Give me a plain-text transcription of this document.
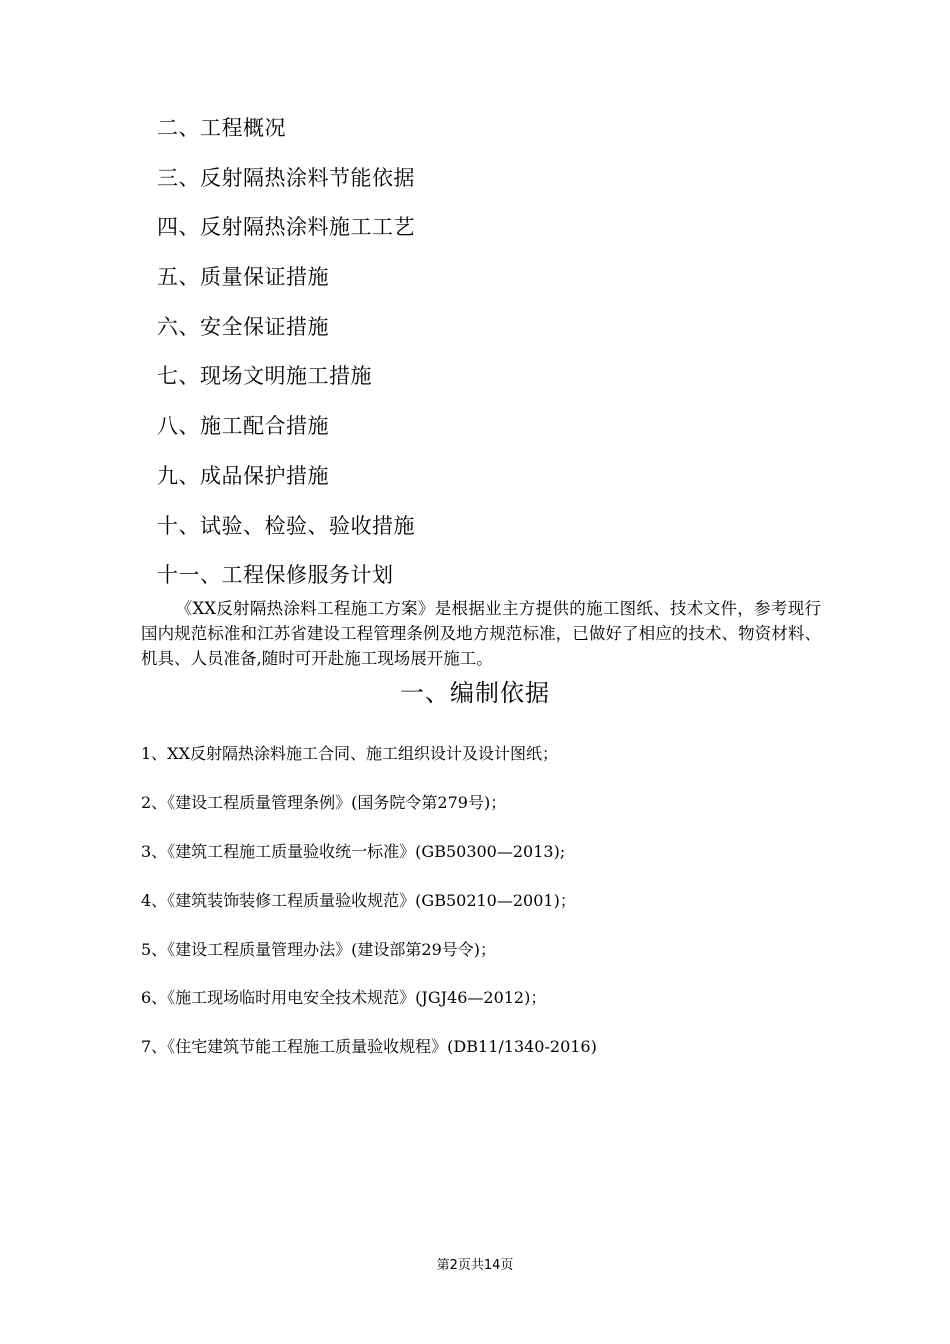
二、工程概况
三、反射隔热涂料节能依据
四、反射隔热涂料施工工艺
五、质量保证措施
六、安全保证措施
七、现场文明施工措施
八、施工配合措施
九、成品保护措施
十、试验、检验、验收措施
十一、工程保修服务计划

《XX反射隔热涂料工程施工方案》是根据业主方提供的施工图纸、技术文件，参考现行国内规范标准和江苏省建设工程管理条例及地方规范标准，已做好了相应的技术、物资材料、机具、人员准备,随时可开赴施工现场展开施工。

一、编制依据
1、XX反射隔热涂料施工合同、施工组织设计及设计图纸；
2、《建设工程质量管理条例》(国务院令第279号)；
3、《建筑工程施工质量验收统一标准》(GB50300—2013);
4、《建筑装饰装修工程质量验收规范》(GB50210—2001)；
5、《建设工程质量管理办法》(建设部第29号令)；
6、《施工现场临时用电安全技术规范》(JGJ46—2012)；
7、《住宅建筑节能工程施工质量验收规程》(DB11/1340-2016)
第2页共14页
